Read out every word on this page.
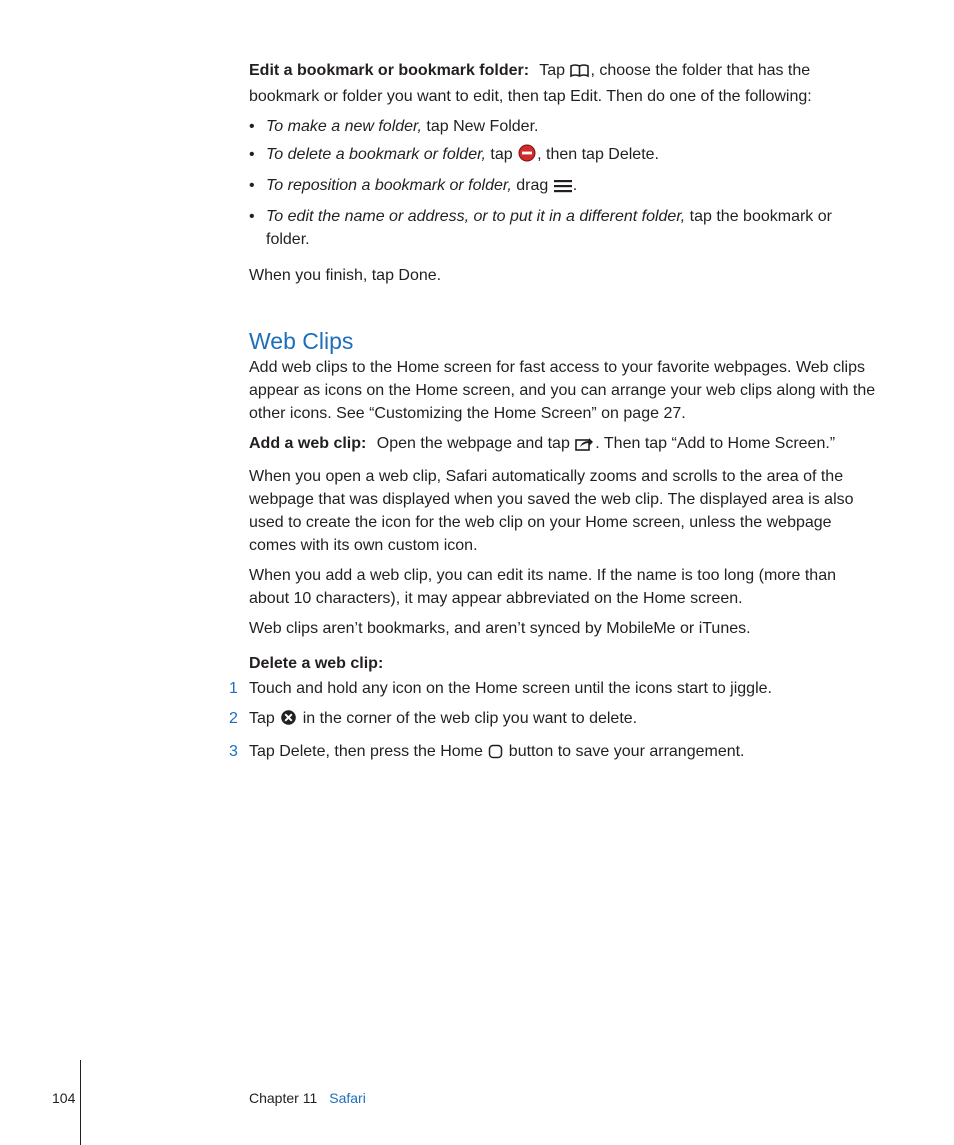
Edit a bookmark or bookmark folder: Tap , choose the folder that has the bookmark or folder you want to edit, then tap Edit. Then do one of the following:

• To make a new folder, tap New Folder.
• To delete a bookmark or folder, tap , then tap Delete.
• To reposition a bookmark or folder, drag .
• To edit the name or address, or to put it in a different folder, tap the bookmark or folder.

When you finish, tap Done.

Web Clips

Add web clips to the Home screen for fast access to your favorite webpages. Web clips appear as icons on the Home screen, and you can arrange your web clips along with the other icons. See “Customizing the Home Screen” on page 27.

Add a web clip: Open the webpage and tap . Then tap “Add to Home Screen.”

When you open a web clip, Safari automatically zooms and scrolls to the area of the webpage that was displayed when you saved the web clip. The displayed area is also used to create the icon for the web clip on your Home screen, unless the webpage comes with its own custom icon.

When you add a web clip, you can edit its name. If the name is too long (more than about 10 characters), it may appear abbreviated on the Home screen.

Web clips aren’t bookmarks, and aren’t synced by MobileMe or iTunes.

Delete a web clip:

1 Touch and hold any icon on the Home screen until the icons start to jiggle.
2 Tap  in the corner of the web clip you want to delete.
3 Tap Delete, then press the Home  button to save your arrangement.
104	Chapter 11 Safari
